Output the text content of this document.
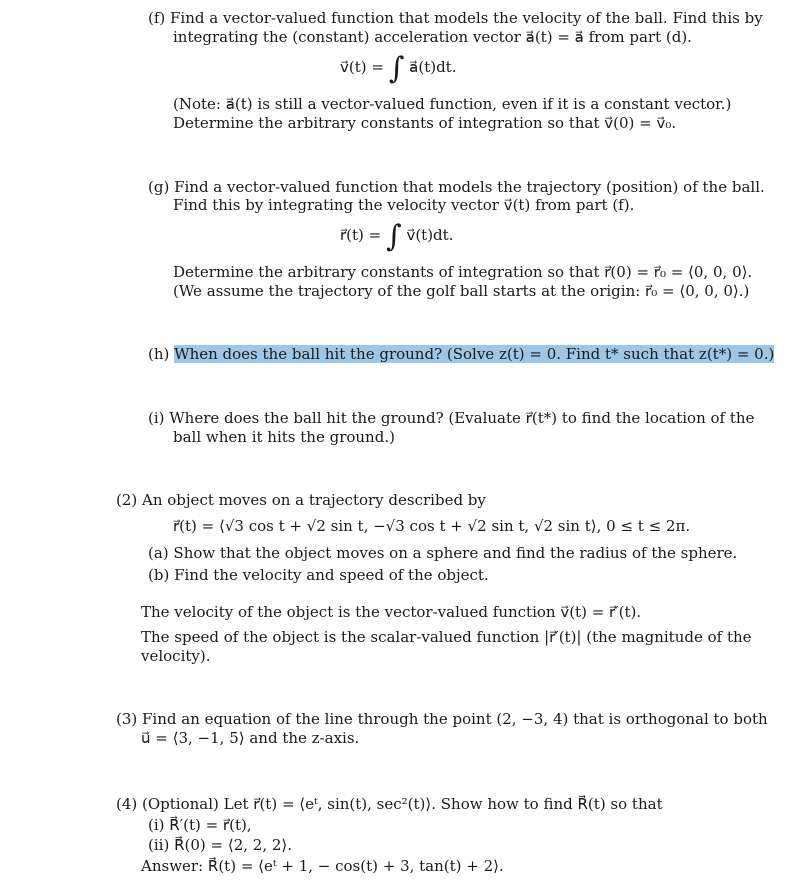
(f) Find a vector-valued function that models the velocity of the ball. Find this by
integrating the (constant) acceleration vector a⃗(t) = a⃗ from part (d).
v⃗(t) = ∫ a⃗(t)dt.
(Note: a⃗(t) is still a vector-valued function, even if it is a constant vector.)
Determine the arbitrary constants of integration so that v⃗(0) = v⃗₀.
(g) Find a vector-valued function that models the trajectory (position) of the ball.
Find this by integrating the velocity vector v⃗(t) from part (f).
r⃗(t) = ∫ v⃗(t)dt.
Determine the arbitrary constants of integration so that r⃗(0) = r⃗₀ = ⟨0, 0, 0⟩.
(We assume the trajectory of the golf ball starts at the origin: r⃗₀ = ⟨0, 0, 0⟩.)
(h) When does the ball hit the ground? (Solve z(t) = 0. Find t* such that z(t*) = 0.)
(i) Where does the ball hit the ground? (Evaluate r⃗(t*) to find the location of the
ball when it hits the ground.)
(2) An object moves on a trajectory described by
r⃗(t) = ⟨√3 cos t + √2 sin t, −√3 cos t + √2 sin t, √2 sin t⟩, 0 ≤ t ≤ 2π.
(a) Show that the object moves on a sphere and find the radius of the sphere.
(b) Find the velocity and speed of the object.
The velocity of the object is the vector-valued function v⃗(t) = r⃗′(t).
The speed of the object is the scalar-valued function |r⃗′(t)| (the magnitude of the
velocity).
(3) Find an equation of the line through the point (2, −3, 4) that is orthogonal to both
u⃗ = ⟨3, −1, 5⟩ and the z-axis.
(4) (Optional) Let r⃗(t) = ⟨eᵗ, sin(t), sec²(t)⟩. Show how to find R⃗(t) so that
(i) R⃗′(t) = r⃗(t),
(ii) R⃗(0) = ⟨2, 2, 2⟩.
Answer: R⃗(t) = ⟨eᵗ + 1, − cos(t) + 3, tan(t) + 2⟩.
